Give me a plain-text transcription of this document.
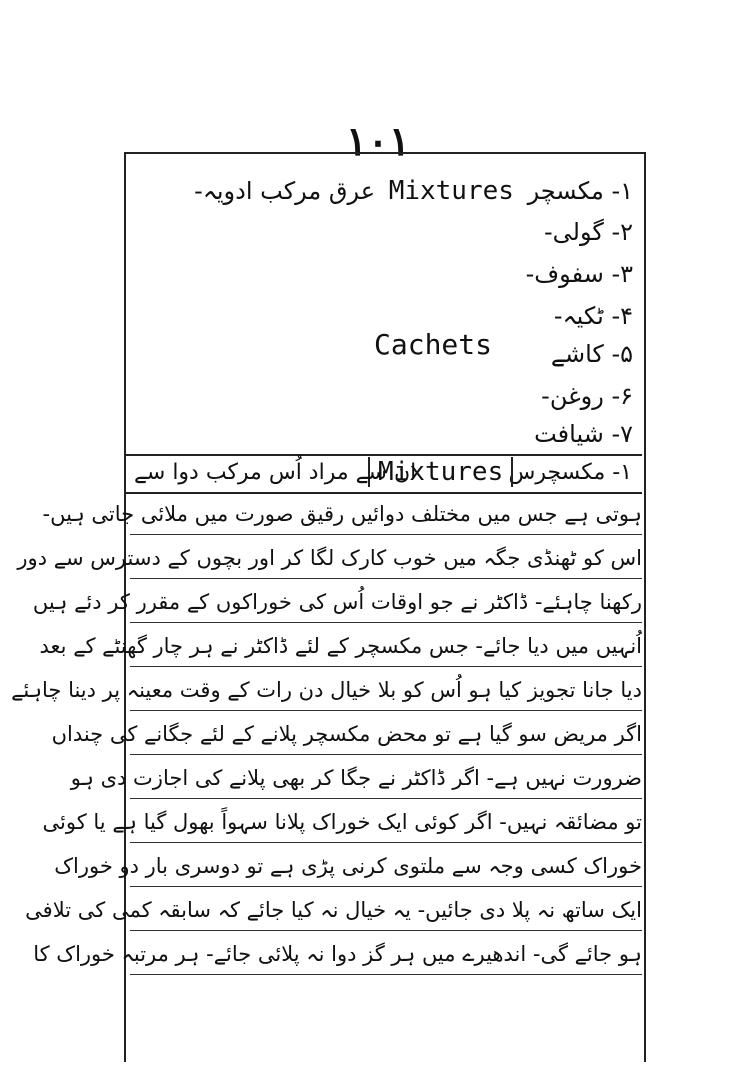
۱۰۱
۱- مکسچر Mixtures عرق مرکب ادویہ-
۲- گولی-
۳- سفوف-
۴- ٹکیہ-
۵- کاشے
Cachets
۶- روغن-
۷- شیافت
۱- مکسچرس
Mixtures
ان سے مراد اُس مرکب دوا سے
ہوتی ہے جس میں مختلف دوائیں رقیق صورت میں ملائی جاتی ہیں-
اس کو ٹھنڈی جگہ میں خوب کارک لگا کر اور بچوں کے دسترس سے دور
رکھنا چاہئے- ڈاکٹر نے جو اوقات اُس کی خوراکوں کے مقرر کر دئے ہیں
اُنہیں میں دیا جائے- جس مکسچر کے لئے ڈاکٹر نے ہر چار گھنٹے کے بعد
دیا جانا تجویز کیا ہو اُس کو بلا خیال دن رات کے وقت معینہ پر دینا چاہئے
اگر مریض سو گیا ہے تو محض مکسچر پلانے کے لئے جگانے کی چنداں
ضرورت نہیں ہے- اگر ڈاکٹر نے جگا کر بھی پلانے کی اجازت دی ہو
تو مضائقہ نہیں- اگر کوئی ایک خوراک پلانا سہواً بھول گیا ہے یا کوئی
خوراک کسی وجہ سے ملتوی کرنی پڑی ہے تو دوسری بار دو خوراک
ایک ساتھ نہ پلا دی جائیں- یہ خیال نہ کیا جائے کہ سابقہ کمی کی تلافی
ہو جائے گی- اندھیرے میں ہر گز دوا نہ پلائی جائے- ہر مرتبہ خوراک کا
